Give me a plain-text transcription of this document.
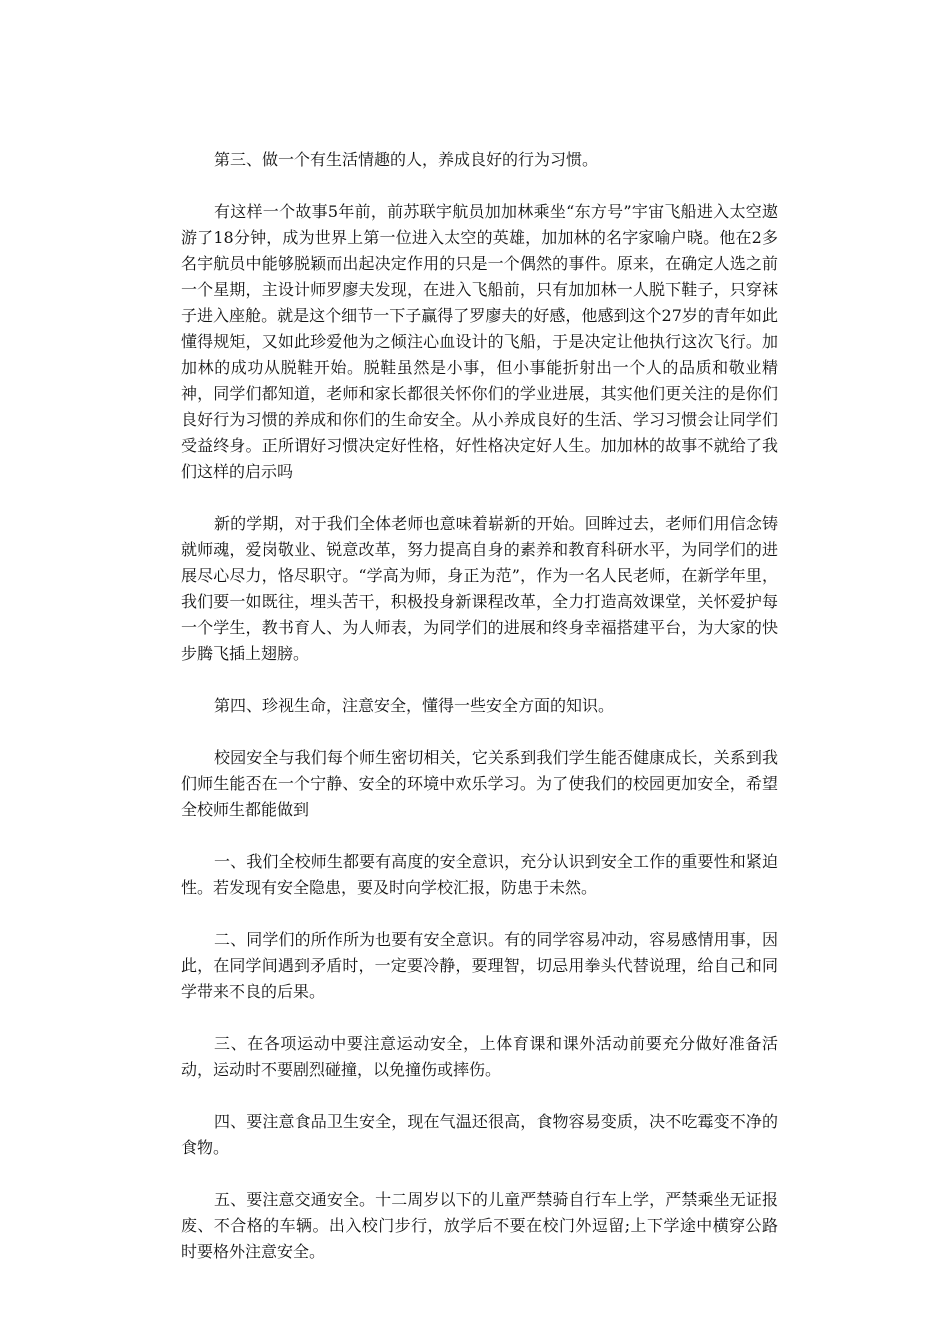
第三、做一个有生活情趣的人，养成良好的行为习惯。

有这样一个故事5年前，前苏联宇航员加加林乘坐“东方号”宇宙飞船进入太空遨游了18分钟，成为世界上第一位进入太空的英雄，加加林的名字家喻户晓。他在2多名宇航员中能够脱颖而出起决定作用的只是一个偶然的事件。原来，在确定人选之前一个星期，主设计师罗廖夫发现，在进入飞船前，只有加加林一人脱下鞋子，只穿袜子进入座舱。就是这个细节一下子赢得了罗廖夫的好感，他感到这个27岁的青年如此懂得规矩，又如此珍爱他为之倾注心血设计的飞船，于是决定让他执行这次飞行。加加林的成功从脱鞋开始。脱鞋虽然是小事，但小事能折射出一个人的品质和敬业精神，同学们都知道，老师和家长都很关怀你们的学业进展，其实他们更关注的是你们良好行为习惯的养成和你们的生命安全。从小养成良好的生活、学习习惯会让同学们受益终身。正所谓好习惯决定好性格，好性格决定好人生。加加林的故事不就给了我们这样的启示吗

新的学期，对于我们全体老师也意味着崭新的开始。回眸过去，老师们用信念铸就师魂，爱岗敬业、锐意改革，努力提高自身的素养和教育科研水平，为同学们的进展尽心尽力，恪尽职守。“学高为师，身正为范”，作为一名人民老师，在新学年里，我们要一如既往，埋头苦干，积极投身新课程改革，全力打造高效课堂，关怀爱护每一个学生，教书育人、为人师表，为同学们的进展和终身幸福搭建平台，为大家的快步腾飞插上翅膀。

第四、珍视生命，注意安全，懂得一些安全方面的知识。

校园安全与我们每个师生密切相关，它关系到我们学生能否健康成长，关系到我们师生能否在一个宁静、安全的环境中欢乐学习。为了使我们的校园更加安全，希望全校师生都能做到

一、我们全校师生都要有高度的安全意识，充分认识到安全工作的重要性和紧迫性。若发现有安全隐患，要及时向学校汇报，防患于未然。

二、同学们的所作所为也要有安全意识。有的同学容易冲动，容易感情用事，因此，在同学间遇到矛盾时，一定要冷静，要理智，切忌用拳头代替说理，给自己和同学带来不良的后果。

三、在各项运动中要注意运动安全，上体育课和课外活动前要充分做好准备活动，运动时不要剧烈碰撞，以免撞伤或摔伤。

四、要注意食品卫生安全，现在气温还很高，食物容易变质，决不吃霉变不净的食物。

五、要注意交通安全。十二周岁以下的儿童严禁骑自行车上学，严禁乘坐无证报废、不合格的车辆。出入校门步行，放学后不要在校门外逗留;上下学途中横穿公路时要格外注意安全。
